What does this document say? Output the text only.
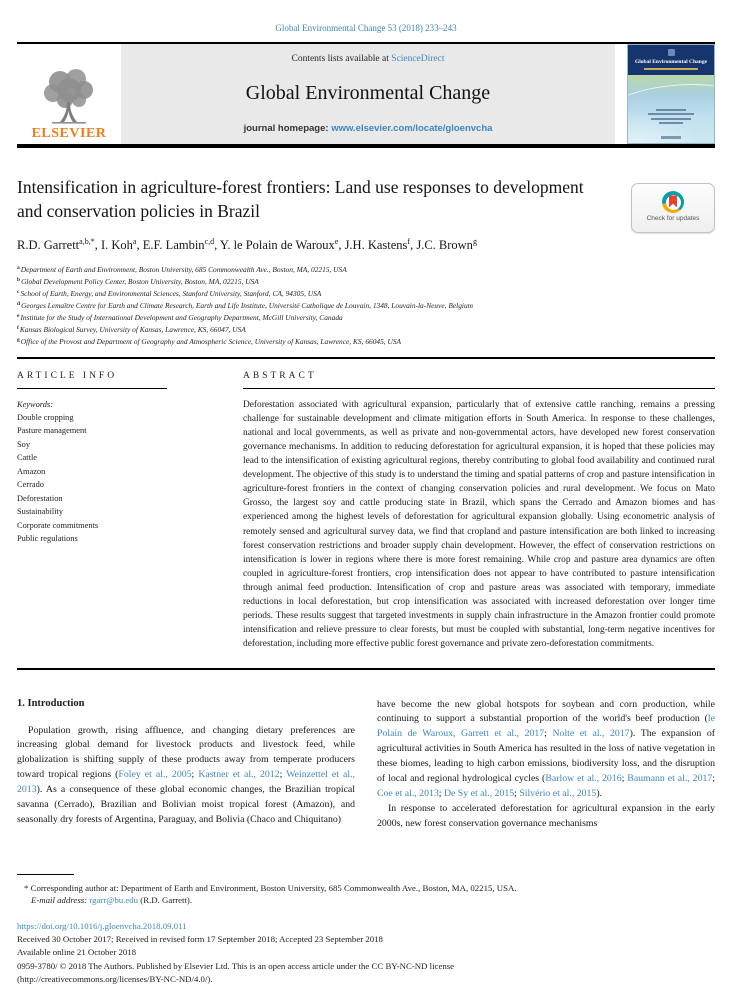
Global Environmental Change 53 (2018) 233–243
ELSEVIER
Contents lists available at ScienceDirect
Global Environmental Change
journal homepage: www.elsevier.com/locate/gloenvcha
Global Environmental Change
Intensification in agriculture-forest frontiers: Land use responses to development and conservation policies in Brazil	Check for updates
R.D. Garrett$^{a,b,*}$, I. Koh$^a$, E.F. Lambin$^{c,d}$, Y. le Polain de Waroux$^e$, J.H. Kastens$^f$, J.C. Brown$^g$
$^a$Department of Earth and Environment, Boston University, 685 Commonwealth Ave., Boston, MA, 02215, USA
$^b$Global Development Policy Center, Boston University, Boston, MA, 02215, USA
$^c$School of Earth, Energy, and Environmental Sciences, Stanford University, Stanford, CA, 94305, USA
$^d$Georges Lemaître Centre for Earth and Climate Research, Earth and Life Institute, Université Catholique de Louvain, 1348, Louvain-la-Neuve, Belgium
$^e$Institute for the Study of International Development and Geography Department, McGill University, Canada
$^f$Kansas Biological Survey, University of Kansas, Lawrence, KS, 66047, USA
$^g$Office of the Provost and Department of Geography and Atmospheric Science, University of Kansas, Lawrence, KS, 66045, USA
ARTICLE INFO
Keywords:
Double cropping
Pasture management
Soy
Cattle
Amazon
Cerrado
Deforestation
Sustainability
Corporate commitments
Public regulations
ABSTRACT
Deforestation associated with agricultural expansion, particularly that of extensive cattle ranching, remains a pressing challenge for sustainable development and climate mitigation efforts in South America. In response to these challenges, national and local governments, as well as private and non-governmental actors, have developed new forest conservation governance mechanisms. In addition to reducing deforestation for agricultural expansion, it is hoped that these policies may lead to the intensification of existing agricultural regions, thereby contributing to global food availability and continued rural development. The objective of this study is to understand the timing and spatial patterns of crop and pasture intensification in agriculture-forest frontiers in the context of changing conservation policies and rural development. We focus on Mato Grosso, the largest soy and cattle producing state in Brazil, which spans the Cerrado and Amazon biomes and has experienced among the highest levels of deforestation for agricultural expansion globally. Using econometric analysis of remotely sensed and agricultural survey data, we find that cropland and pasture intensification are both linked to increasing forest conservation restrictions and broader supply chain development. However, the effect of conservation restrictions on intensification is lower in regions where there is more forest remaining. While crop and pasture area dynamics are often coupled in agriculture-forest frontiers, crop intensification does not appear to have contributed to pasture intensification through animal feed production. Intensification of crop and pasture areas was associated with temporary, immediate reductions in local deforestation, but crop intensification was associated with increased deforestation over longer time periods. These results suggest that targeted investments in supply chain infrastructure in the Amazon frontier could promote intensification and relieve pressure to clear forests, but must be coupled with substantial, long-term negative incentives for deforestation, including more effective public forest governance and private zero-deforestation commitments.
1. Introduction

Population growth, rising affluence, and changing dietary preferences are increasing global demand for livestock products and livestock feed, while globalization is shifting supply of these products away from temperate producers toward tropical regions (Foley et al., 2005; Kastner et al., 2012; Weinzettel et al., 2013). As a consequence of these global economic changes, the Brazilian tropical savanna (Cerrado), Brazilian and Bolivian moist tropical forest (Amazon), and seasonally dry forests of Argentina, Paraguay, and Bolivia (Chaco and Chiquitano)

have become the new global hotspots for soybean and corn production, while continuing to support a substantial proportion of the world's beef production (le Polain de Waroux, Garrett et al., 2017; Nolte et al., 2017). The expansion of agricultural activities in South America has resulted in the loss of native vegetation in these biomes, leading to high carbon emissions, biodiversity loss, and the disruption of local and regional hydrological cycles (Barlow et al., 2016; Baumann et al., 2017; Coe et al., 2013; De Sy et al., 2015; Silvério et al., 2015).

In response to accelerated deforestation for agricultural expansion in the early 2000s, new forest conservation governance mechanisms

* Corresponding author at: Department of Earth and Environment, Boston University, 685 Commonwealth Ave., Boston, MA, 02215, USA.
E-mail address: rgarr@bu.edu (R.D. Garrett).
https://doi.org/10.1016/j.gloenvcha.2018.09.011
Received 30 October 2017; Received in revised form 17 September 2018; Accepted 23 September 2018
Available online 21 October 2018
0959-3780/ © 2018 The Authors. Published by Elsevier Ltd. This is an open access article under the CC BY-NC-ND license
(http://creativecommons.org/licenses/BY-NC-ND/4.0/).
